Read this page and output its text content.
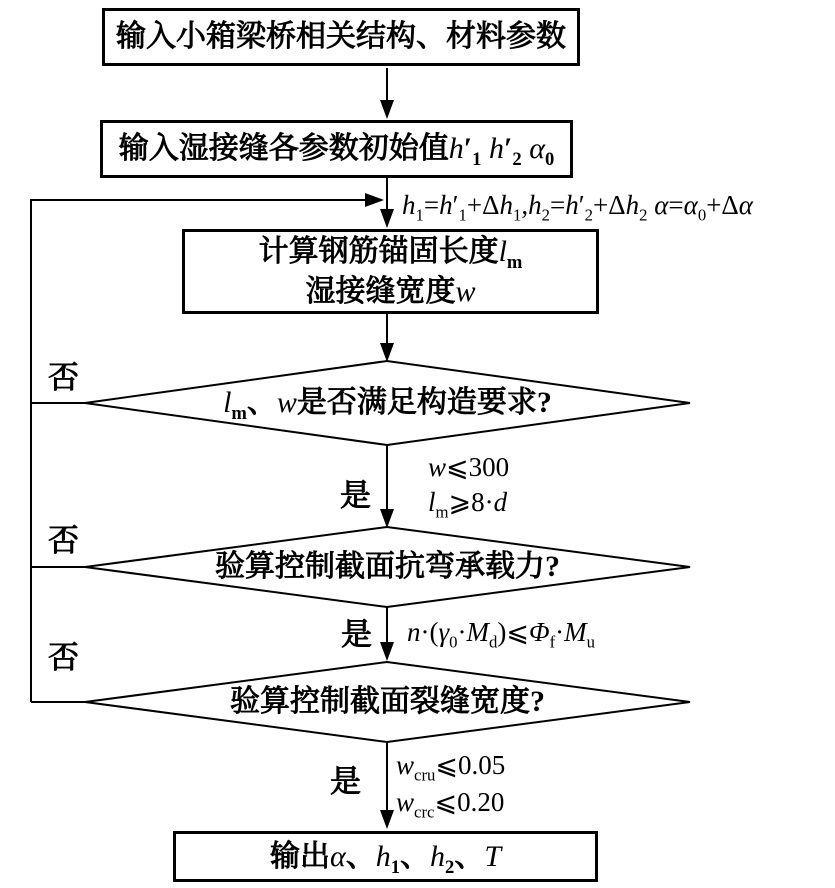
输入小箱梁桥相关结构、材料参数
输入湿接缝各参数初始值$h'_1$ $h'_2$ $\alpha_0$
计算钢筋锚固长度$l_m$
湿接缝宽度w
输出α、$h_1$、$h_2$、T
$l_m$、w是否满足构造要求?
验算控制截面抗弯承载力?
验算控制截面裂缝宽度?
否
否
否
是
是
是
$h_1=h'_1+\Delta h_1,h_2=h'_2+\Delta h_2$ $\alpha=\alpha_0+\Delta\alpha$
w⩽300
$l_m⩾8\cdot d$
$n\cdot(\gamma_0\cdot M_d)⩽\Phi_f\cdot M_u$
$w_{cru}⩽0.05$
$w_{crc}⩽0.20$
